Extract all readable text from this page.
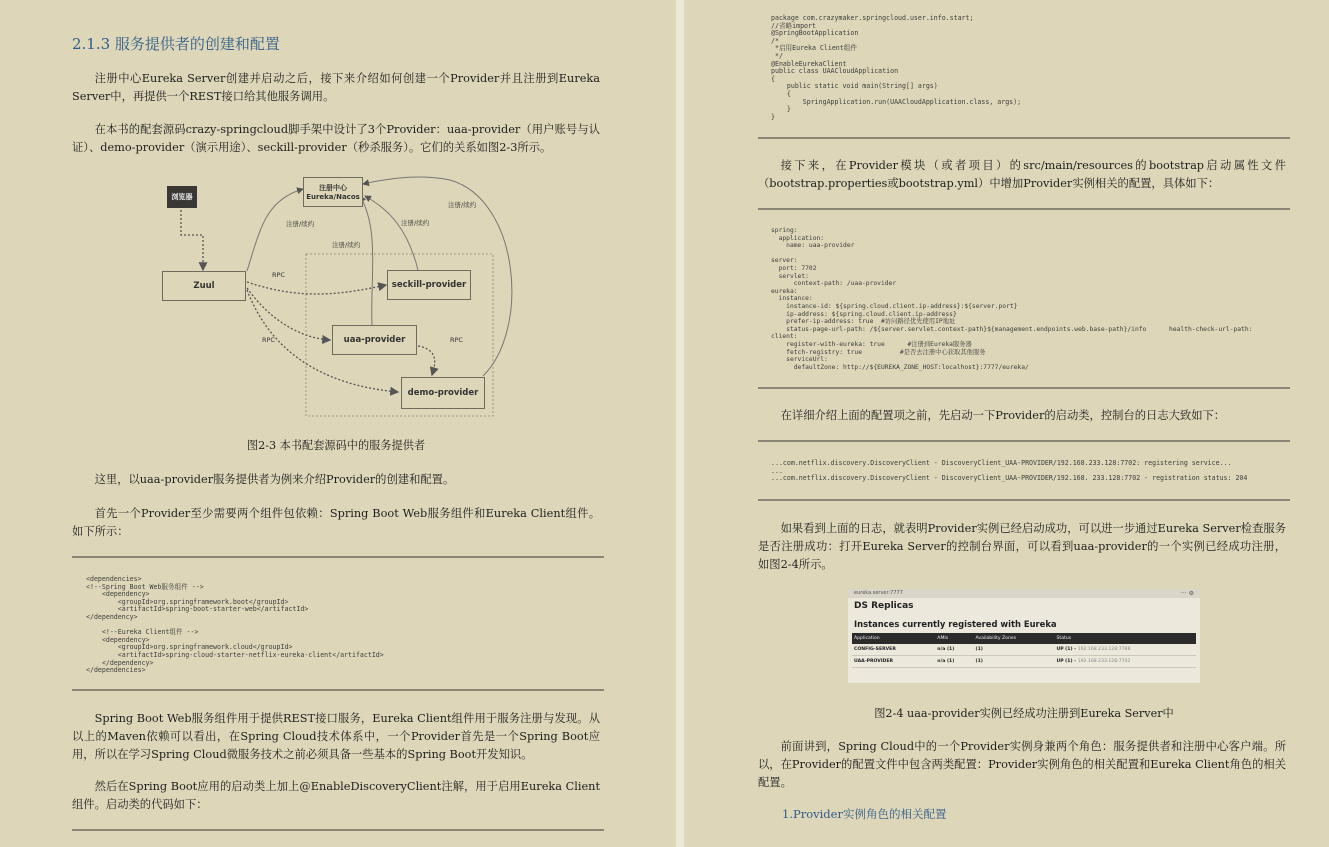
2.1.3 服务提供者的创建和配置

注册中心Eureka Server创建并启动之后，接下来介绍如何创建一个Provider并且注册到Eureka Server中，再提供一个REST接口给其他服务调用。

在本书的配套源码crazy-springcloud脚手架中设计了3个Provider：uaa-provider（用户账号与认证）、demo-provider（演示用途）、seckill-provider（秒杀服务）。它们的关系如图2-3所示。

浏览器
注册中心
Eureka/Nacos
Zuul	seckill-provider
uaa-provider
demo-provider
注册/续约	注册/续约
注册/续约
注册/续约
RPC
RPC	RPC
图2-3 本书配套源码中的服务提供者

这里，以uaa-provider服务提供者为例来介绍Provider的创建和配置。

首先一个Provider至少需要两个组件包依赖：Spring Boot Web服务组件和Eureka Client组件。如下所示：

<dependencies>
<!--Spring Boot Web服务组件 -->
<dependency>
<groupId>org.springframework.boot</groupId>
<artifactId>spring-boot-starter-web</artifactId>
</dependency>

<!--Eureka Client组件 -->
<dependency>
<groupId>org.springframework.cloud</groupId>
<artifactId>spring-cloud-starter-netflix-eureka-client</artifactId>
</dependency>
</dependencies>

Spring Boot Web服务组件用于提供REST接口服务，Eureka Client组件用于服务注册与发现。从以上的Maven依赖可以看出，在Spring Cloud技术体系中，一个Provider首先是一个Spring Boot应用，所以在学习Spring Cloud微服务技术之前必须具备一些基本的Spring Boot开发知识。

然后在Spring Boot应用的启动类上加上@EnableDiscoveryClient注解，用于启用Eureka Client组件。启动类的代码如下：

package com.crazymaker.springcloud.user.info.start;
//省略import
@SpringBootApplication
/*
*启用Eureka Client组件
*/
@EnableEurekaClient
public class UAACloudApplication
{
public static void main(String[] args)
{
SpringApplication.run(UAACloudApplication.class, args);
}
}

接下来，在Provider模块（或者项目）的src/main/resources的bootstrap启动属性文件（bootstrap.properties或bootstrap.yml）中增加Provider实例相关的配置，具体如下：

spring:
application:
name: uaa-provider

server:
port: 7702
servlet:
context-path: /uaa-provider
eureka:
instance:
instance-id: ${spring.cloud.client.ip-address}:${server.port}
ip-address: ${spring.cloud.client.ip-address}
prefer-ip-address: true  #访问路径优先使用IP地址
status-page-url-path: /${server.servlet.context-path}${management.endpoints.web.base-path}/info      health-check-url-path:
client:
register-with-eureka: true      #注册到Eureka服务器
fetch-registry: true          #是否去注册中心获取其他服务
serviceUrl:
defaultZone: http://${EUREKA_ZONE_HOST:localhost}:7777/eureka/

在详细介绍上面的配置项之前，先启动一下Provider的启动类，控制台的日志大致如下：

...com.netflix.discovery.DiscoveryClient - DiscoveryClient_UAA-PROVIDER/192.168.233.128:7702: registering service...
...
...com.netflix.discovery.DiscoveryClient - DiscoveryClient_UAA-PROVIDER/192.168. 233.128:7702 - registration status: 204

如果看到上面的日志，就表明Provider实例已经启动成功，可以进一步通过Eureka Server检查服务是否注册成功：打开Eureka Server的控制台界面，可以看到uaa-provider的一个实例已经成功注册，如图2-4所示。

eureka.server:7777	··· ⚙
DS Replicas
Instances currently registered with Eureka
Application	AMIs	Availability Zones	Status
CONFIG-SERVER	n/a (1)	(1)	UP (1) - 192.168.233.128:7788
UAA-PROVIDER	n/a (1)	(1)	UP (1) - 192.168.233.128:7702
图2-4 uaa-provider实例已经成功注册到Eureka Server中

前面讲到，Spring Cloud中的一个Provider实例身兼两个角色：服务提供者和注册中心客户端。所以，在Provider的配置文件中包含两类配置：Provider实例角色的相关配置和Eureka Client角色的相关配置。

1.Provider实例角色的相关配置
